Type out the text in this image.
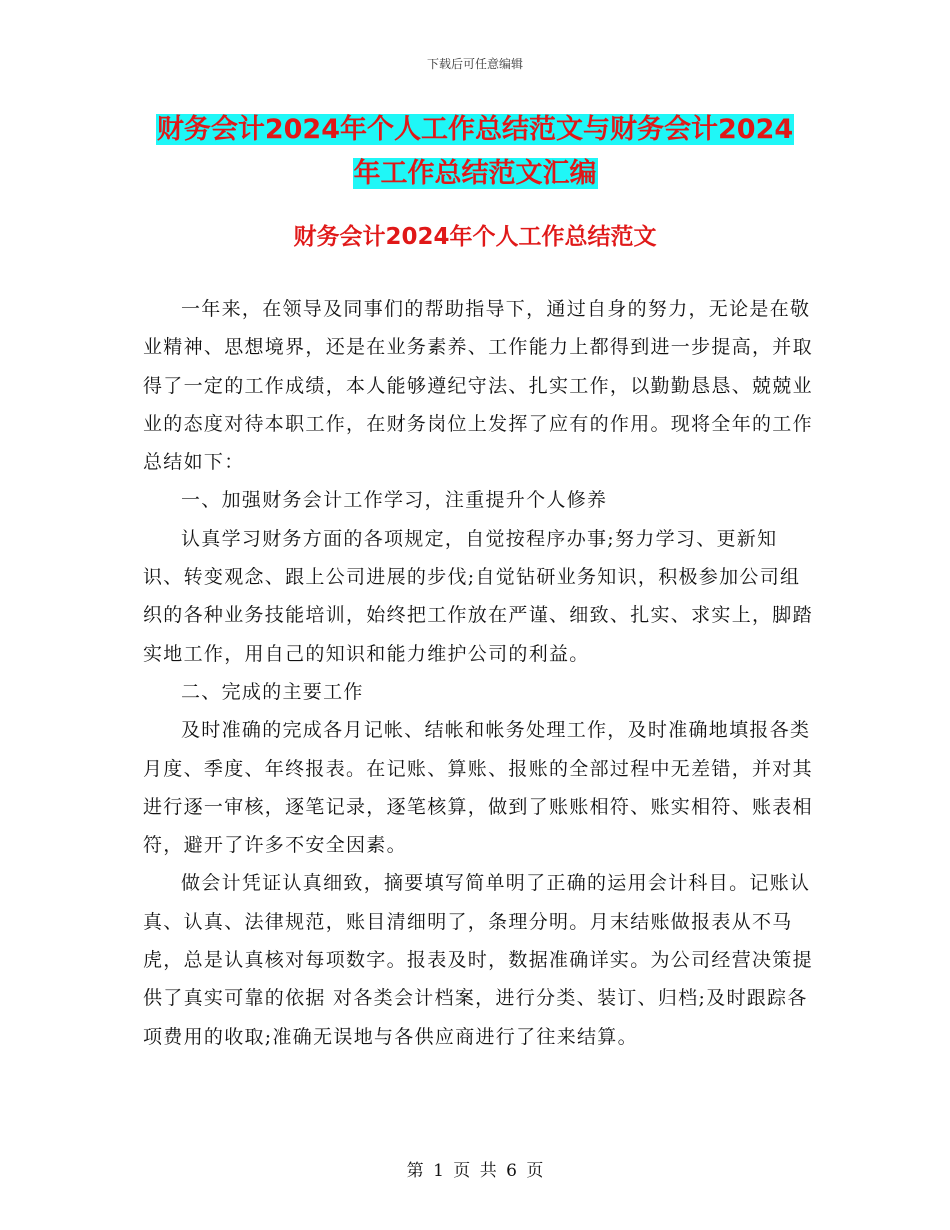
下载后可任意编辑
财务会计2024年个人工作总结范文与财务会计2024
年工作总结范文汇编
财务会计2024年个人工作总结范文

一年来，在领导及同事们的帮助指导下，通过自身的努力，无论是在敬业精神、思想境界，还是在业务素养、工作能力上都得到进一步提高，并取得了一定的工作成绩，本人能够遵纪守法、扎实工作，以勤勤恳恳、兢兢业业的态度对待本职工作，在财务岗位上发挥了应有的作用。现将全年的工作总结如下：

一、加强财务会计工作学习，注重提升个人修养

认真学习财务方面的各项规定，自觉按程序办事;努力学习、更新知识、转变观念、跟上公司进展的步伐;自觉钻研业务知识，积极参加公司组织的各种业务技能培训，始终把工作放在严谨、细致、扎实、求实上，脚踏实地工作，用自己的知识和能力维护公司的利益。

二、完成的主要工作

及时准确的完成各月记帐、结帐和帐务处理工作，及时准确地填报各类月度、季度、年终报表。在记账、算账、报账的全部过程中无差错，并对其进行逐一审核，逐笔记录，逐笔核算，做到了账账相符、账实相符、账表相符，避开了许多不安全因素。

做会计凭证认真细致，摘要填写简单明了正确的运用会计科目。记账认真、认真、法律规范，账目清细明了，条理分明。月末结账做报表从不马虎，总是认真核对每项数字。报表及时，数据准确详实。为公司经营决策提供了真实可靠的依据 对各类会计档案，进行分类、装订、归档;及时跟踪各项费用的收取;准确无误地与各供应商进行了往来结算。

第 1 页 共 6 页
